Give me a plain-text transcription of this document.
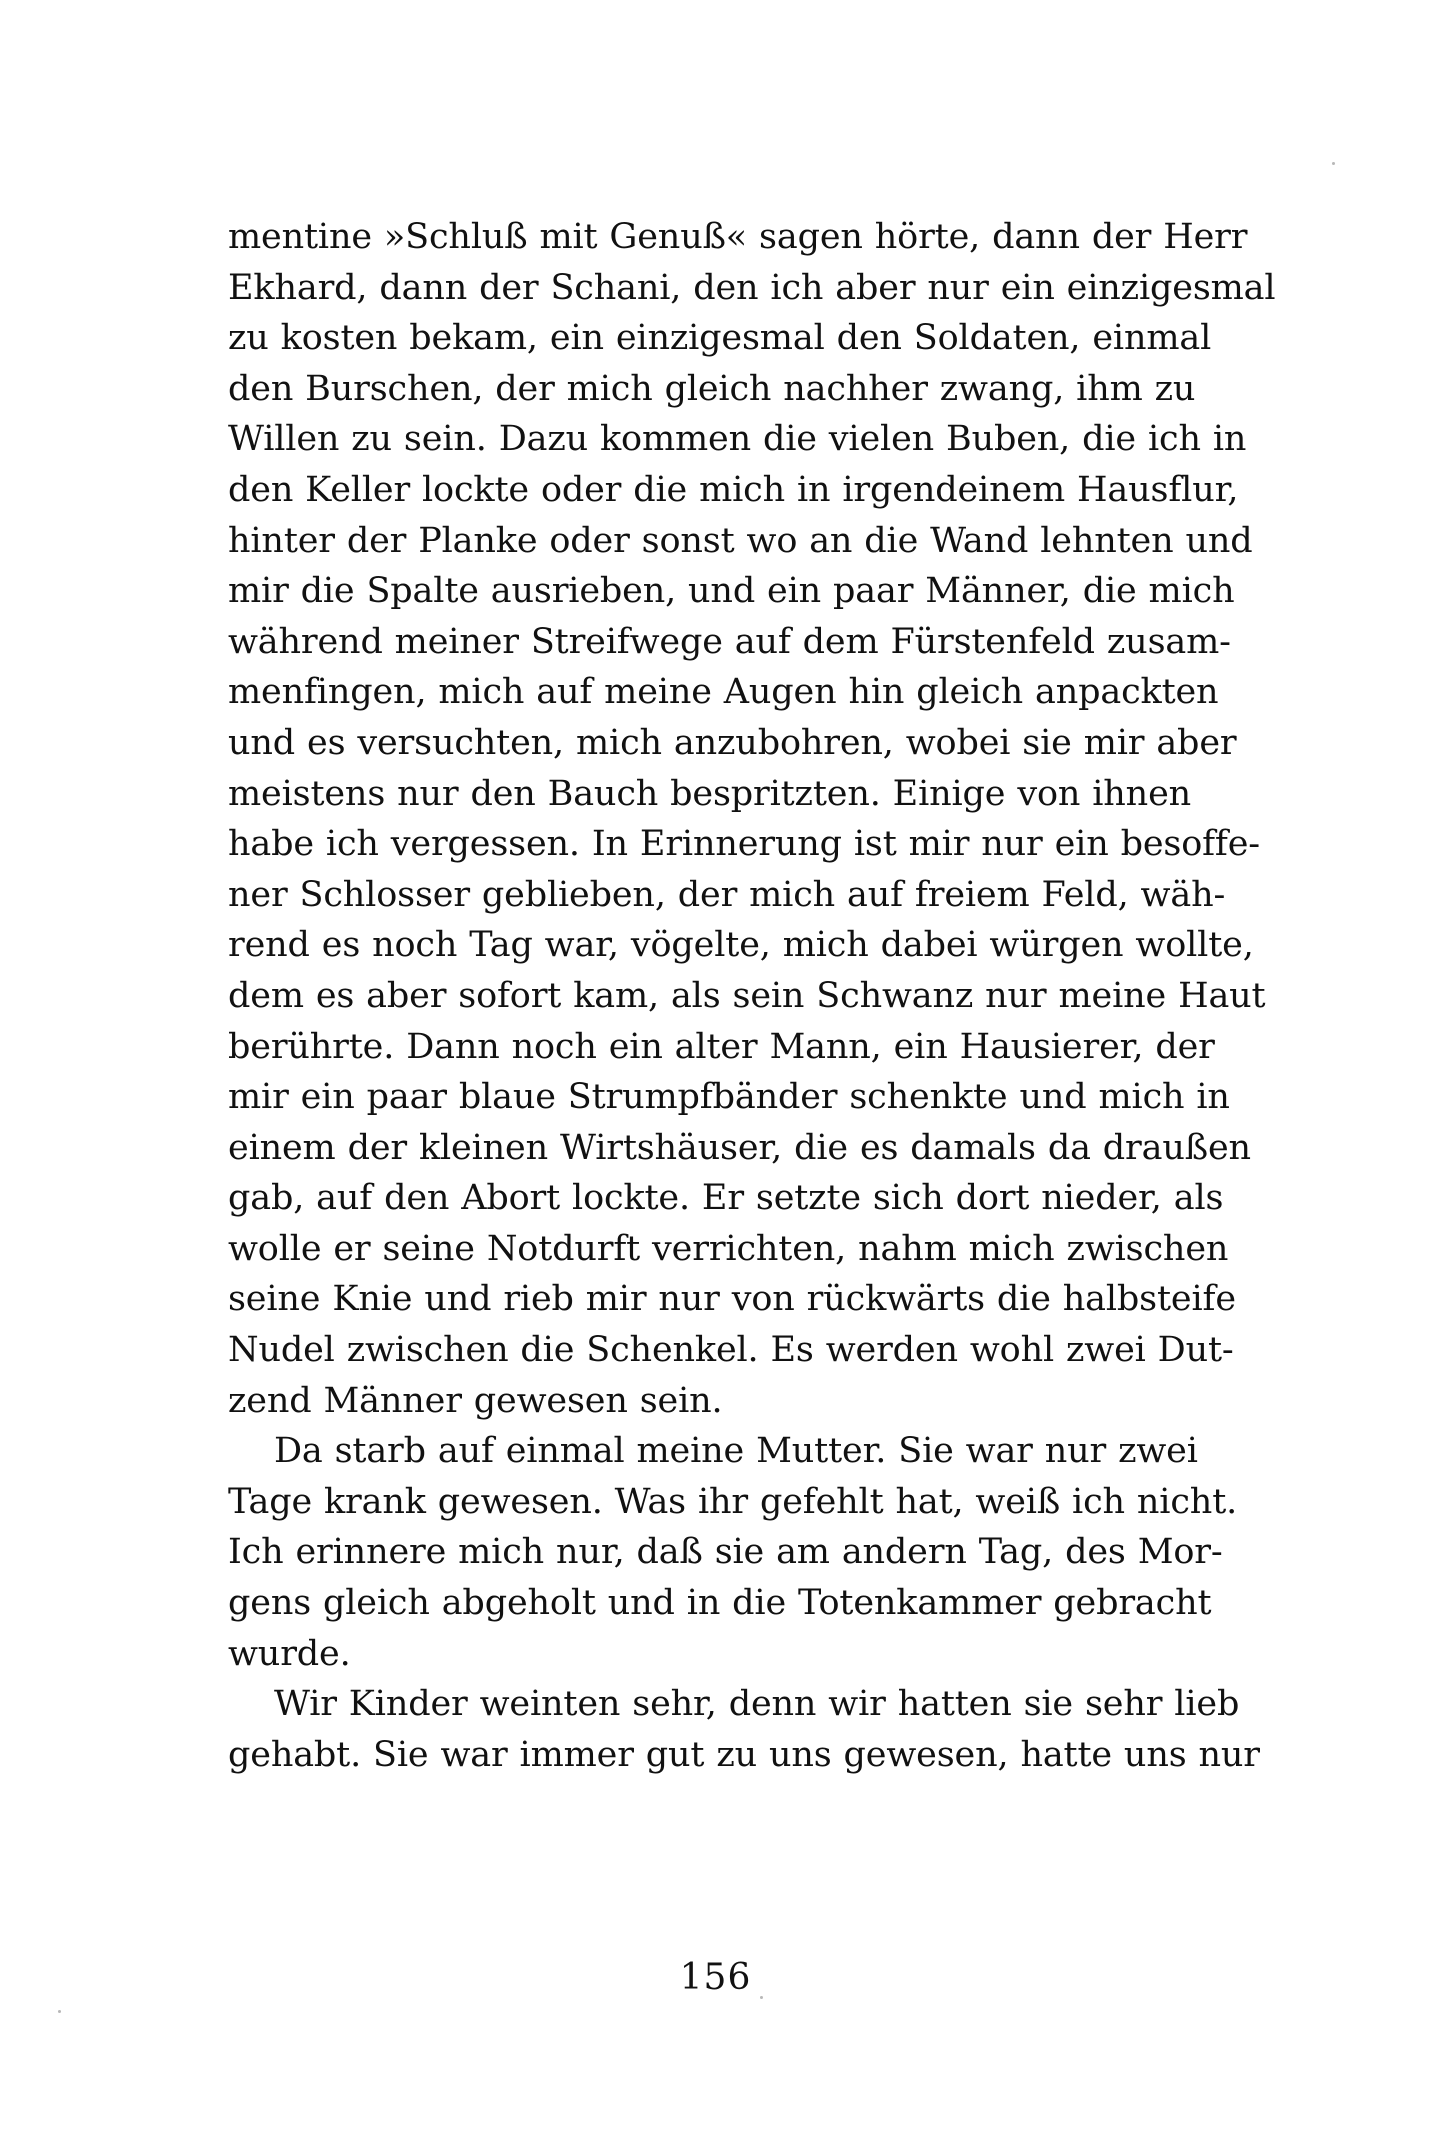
mentine »Schluß mit Genuß« sagen hörte, dann der Herr
Ekhard, dann der Schani, den ich aber nur ein einzigesmal
zu kosten bekam, ein einzigesmal den Soldaten, einmal
den Burschen, der mich gleich nachher zwang, ihm zu
Willen zu sein. Dazu kommen die vielen Buben, die ich in
den Keller lockte oder die mich in irgendeinem Hausflur,
hinter der Planke oder sonst wo an die Wand lehnten und
mir die Spalte ausrieben, und ein paar Männer, die mich
während meiner Streifwege auf dem Fürstenfeld zusam-
menfingen, mich auf meine Augen hin gleich anpackten
und es versuchten, mich anzubohren, wobei sie mir aber
meistens nur den Bauch bespritzten. Einige von ihnen
habe ich vergessen. In Erinnerung ist mir nur ein besoffe-
ner Schlosser geblieben, der mich auf freiem Feld, wäh-
rend es noch Tag war, vögelte, mich dabei würgen wollte,
dem es aber sofort kam, als sein Schwanz nur meine Haut
berührte. Dann noch ein alter Mann, ein Hausierer, der
mir ein paar blaue Strumpfbänder schenkte und mich in
einem der kleinen Wirtshäuser, die es damals da draußen
gab, auf den Abort lockte. Er setzte sich dort nieder, als
wolle er seine Notdurft verrichten, nahm mich zwischen
seine Knie und rieb mir nur von rückwärts die halbsteife
Nudel zwischen die Schenkel. Es werden wohl zwei Dut-
zend Männer gewesen sein.
Da starb auf einmal meine Mutter. Sie war nur zwei
Tage krank gewesen. Was ihr gefehlt hat, weiß ich nicht.
Ich erinnere mich nur, daß sie am andern Tag, des Mor-
gens gleich abgeholt und in die Totenkammer gebracht
wurde.
Wir Kinder weinten sehr, denn wir hatten sie sehr lieb
gehabt. Sie war immer gut zu uns gewesen, hatte uns nur
156
